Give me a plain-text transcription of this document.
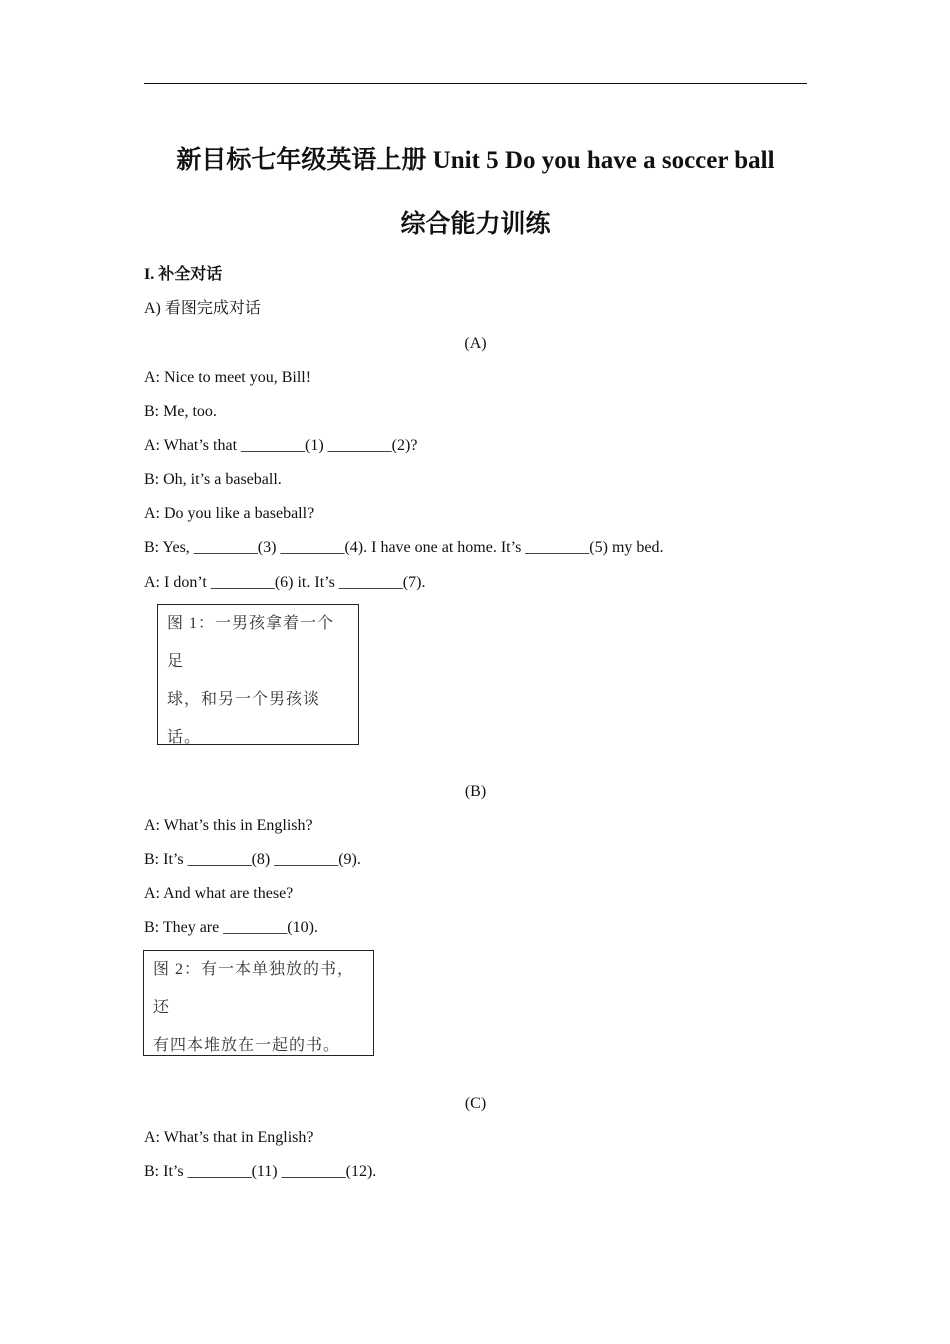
新目标七年级英语上册 Unit 5 Do you have a soccer ball
综合能力训练
I. 补全对话
A) 看图完成对话
(A)
A: Nice to meet you, Bill!
B: Me, too.
A: What’s that ________(1) ________(2)?
B: Oh, it’s a baseball.
A: Do you like a baseball?
B: Yes, ________(3) ________(4). I have one at home. It’s ________(5) my bed.
A: I don’t ________(6) it. It’s ________(7).
图 1：一男孩拿着一个足
球，和另一个男孩谈话。
(B)
A: What’s this in English?
B: It’s ________(8) ________(9).
A: And what are these?
B: They are ________(10).
图 2：有一本单独放的书，还
有四本堆放在一起的书。
(C)
A: What’s that in English?
B: It’s ________(11) ________(12).
